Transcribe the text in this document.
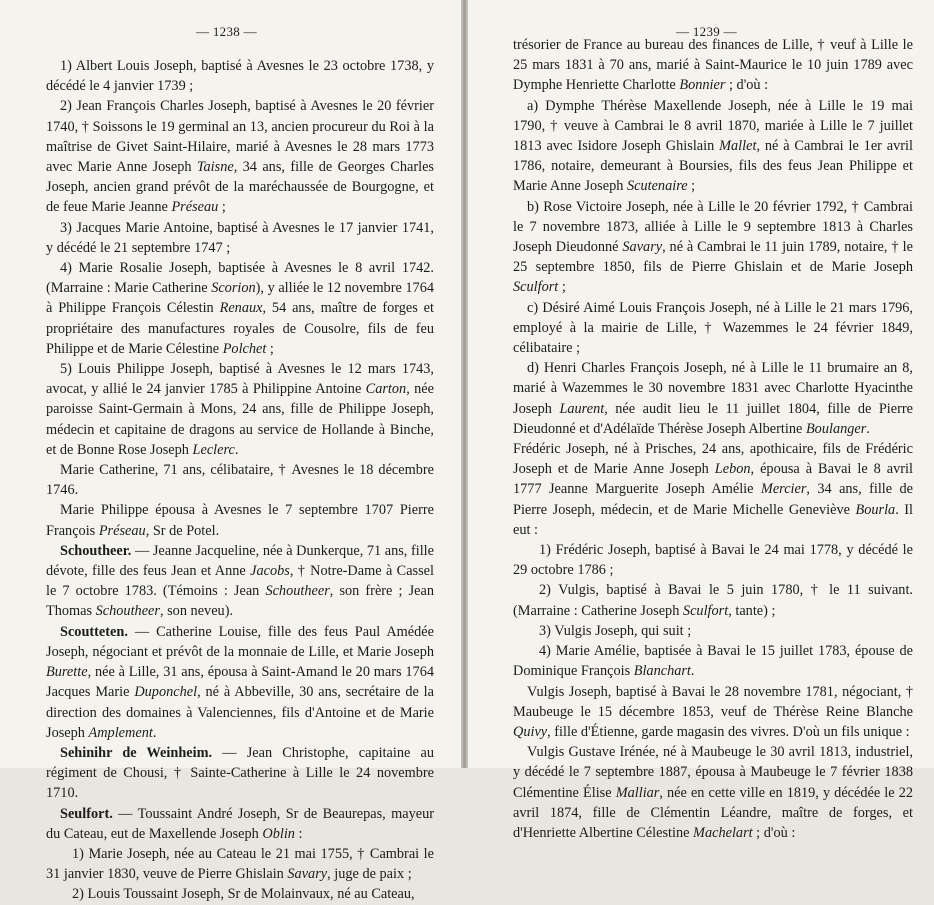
1) Albert Louis Joseph, baptisé à Avesnes le 23 octobre 1738, y décédé le 4 janvier 1739 ;

2) Jean François Charles Joseph, baptisé à Avesnes le 20 février 1740, † Soissons le 19 germinal an 13, ancien procureur du Roi à la maîtrise de Givet Saint-Hilaire, marié à Avesnes le 28 mars 1773 avec Marie Anne Joseph Taisne, 34 ans, fille de Georges Charles Joseph, ancien grand prévôt de la maréchaussée de Bourgogne, et de feue Marie Jeanne Préseau ;

3) Jacques Marie Antoine, baptisé à Avesnes le 17 janvier 1741, y décédé le 21 septembre 1747 ;

4) Marie Rosalie Joseph, baptisée à Avesnes le 8 avril 1742. (Marraine : Marie Catherine Scorion), y alliée le 12 novembre 1764 à Philippe François Célestin Renaux, 54 ans, maître de forges et propriétaire des manufactures royales de Cousolre, fils de feu Philippe et de Marie Célestine Polchet ;

5) Louis Philippe Joseph, baptisé à Avesnes le 12 mars 1743, avocat, y allié le 24 janvier 1785 à Philippine Antoine Carton, née paroisse Saint-Germain à Mons, 24 ans, fille de Philippe Joseph, médecin et capitaine de dragons au service de Hollande à Binche, et de Bonne Rose Joseph Leclerc.

Marie Catherine, 71 ans, célibataire, † Avesnes le 18 décembre 1746.

Marie Philippe épousa à Avesnes le 7 septembre 1707 Pierre François Préseau, Sr de Potel.

Schoutheer. — Jeanne Jacqueline, née à Dunkerque, 71 ans, fille dévote, fille des feus Jean et Anne Jacobs, † Notre-Dame à Cassel le 7 octobre 1783. (Témoins : Jean Schoutheer, son frère ; Jean Thomas Schoutheer, son neveu).

Scoutteten. — Catherine Louise, fille des feus Paul Amédée Joseph, négociant et prévôt de la monnaie de Lille, et Marie Joseph Burette, née à Lille, 31 ans, épousa à Saint-Amand le 20 mars 1764 Jacques Marie Duponchel, né à Abbeville, 30 ans, secrétaire de la direction des domaines à Valenciennes, fils d'Antoine et de Marie Joseph Amplement.

Sehinihr de Weinheim. — Jean Christophe, capitaine au régiment de Chousi, † Sainte-Catherine à Lille le 24 novembre 1710.

Seulfort. — Toussaint André Joseph, Sr de Beaurepas, mayeur du Cateau, eut de Maxellende Joseph Oblin :

1) Marie Joseph, née au Cateau le 21 mai 1755, † Cambrai le 31 janvier 1830, veuve de Pierre Ghislain Savary, juge de paix ;

2) Louis Toussaint Joseph, Sr de Molainvaux, né au Cateau,

— 1238 —

trésorier de France au bureau des finances de Lille, † veuf à Lille le 25 mars 1831 à 70 ans, marié à Saint-Maurice le 10 juin 1789 avec Dymphe Henriette Charlotte Bonnier ; d'où :

a) Dymphe Thérèse Maxellende Joseph, née à Lille le 19 mai 1790, † veuve à Cambrai le 8 avril 1870, mariée à Lille le 7 juillet 1813 avec Isidore Joseph Ghislain Mallet, né à Cambrai le 1er avril 1786, notaire, demeurant à Boursies, fils des feus Jean Philippe et Marie Anne Joseph Scutenaire ;

b) Rose Victoire Joseph, née à Lille le 20 février 1792, † Cambrai le 7 novembre 1873, alliée à Lille le 9 septembre 1813 à Charles Joseph Dieudonné Savary, né à Cambrai le 11 juin 1789, notaire, † le 25 septembre 1850, fils de Pierre Ghislain et de Marie Joseph Sculfort ;

c) Désiré Aimé Louis François Joseph, né à Lille le 21 mars 1796, employé à la mairie de Lille, † Wazemmes le 24 février 1849, célibataire ;

d) Henri Charles François Joseph, né à Lille le 11 brumaire an 8, marié à Wazemmes le 30 novembre 1831 avec Charlotte Hyacinthe Joseph Laurent, née audit lieu le 11 juillet 1804, fille de Pierre Dieudonné et d'Adélaïde Thérèse Joseph Albertine Boulanger.

Frédéric Joseph, né à Prisches, 24 ans, apothicaire, fils de Frédéric Joseph et de Marie Anne Joseph Lebon, épousa à Bavai le 8 avril 1777 Jeanne Marguerite Joseph Amélie Mercier, 34 ans, fille de Pierre Joseph, médecin, et de Marie Michelle Geneviève Bourla. Il eut :

1) Frédéric Joseph, baptisé à Bavai le 24 mai 1778, y décédé le 29 octobre 1786 ;

2) Vulgis, baptisé à Bavai le 5 juin 1780, † le 11 suivant. (Marraine : Catherine Joseph Sculfort, tante) ;

3) Vulgis Joseph, qui suit ;

4) Marie Amélie, baptisée à Bavai le 15 juillet 1783, épouse de Dominique François Blanchart.

Vulgis Joseph, baptisé à Bavai le 28 novembre 1781, négociant, † Maubeuge le 15 décembre 1853, veuf de Thérèse Reine Blanche Quivy, fille d'Étienne, garde magasin des vivres. D'où un fils unique :

Vulgis Gustave Irénée, né à Maubeuge le 30 avril 1813, industriel, y décédé le 7 septembre 1887, épousa à Maubeuge le 7 février 1838 Clémentine Élise Malliar, née en cette ville en 1819, y décédée le 22 avril 1874, fille de Clémentin Léandre, maître de forges, et d'Henriette Albertine Célestine Machelart ; d'où :

— 1239 —
